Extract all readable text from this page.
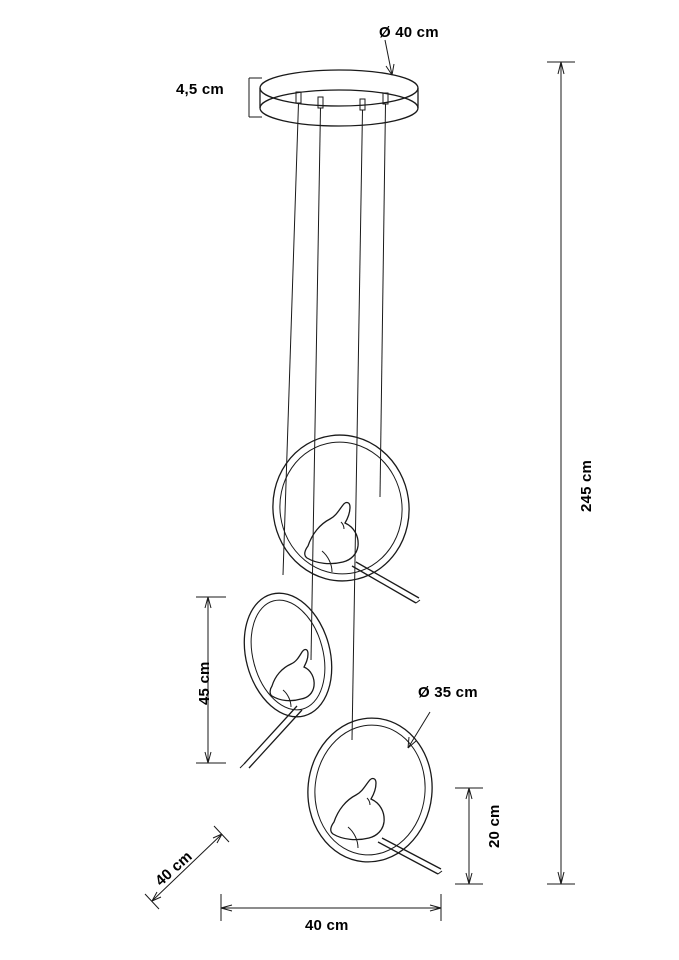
Ø 40 cm
4,5 cm
245 cm
Ø 35 cm
45 cm
20 cm
40 cm
40 cm
